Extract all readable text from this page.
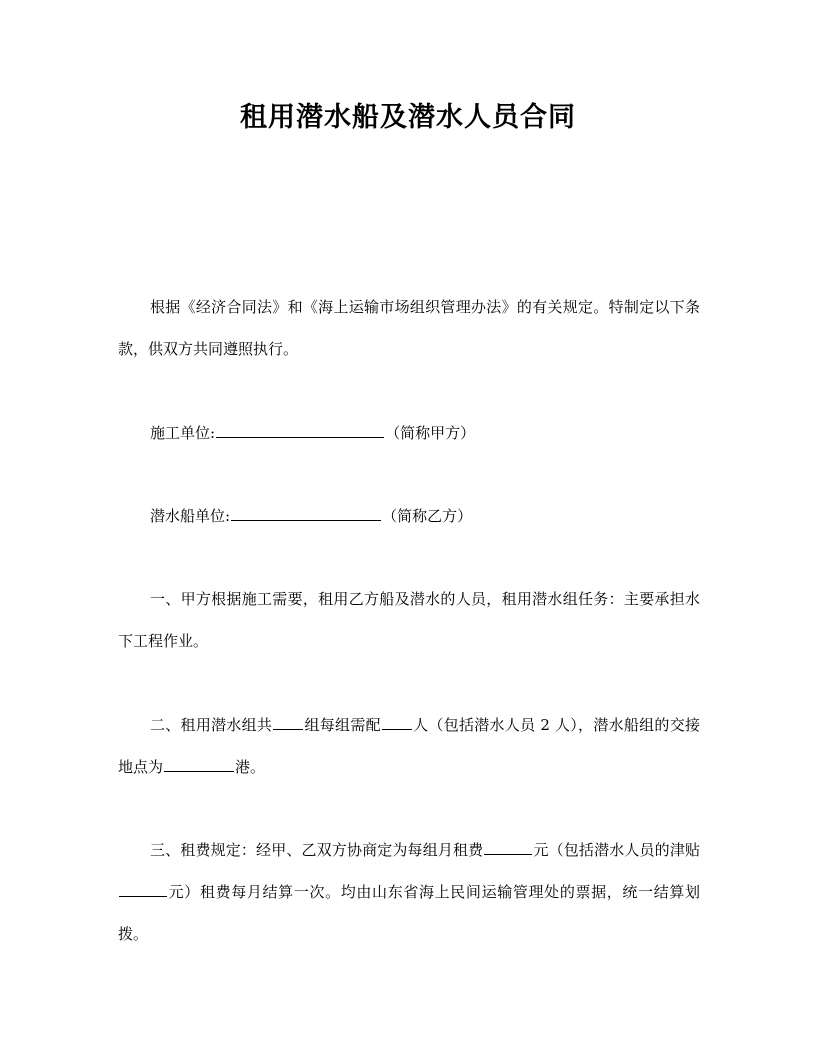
租用潜水船及潜水人员合同

根据《经济合同法》和《海上运输市场组织管理办法》的有关规定。特制定以下条款，供双方共同遵照执行。

施工单位:	（简称甲方）

潜水船单位:	（简称乙方）

一、甲方根据施工需要，租用乙方船及潜水的人员，租用潜水组任务：主要承担水下工程作业。

二、租用潜水组共 组每组需配 人（包括潜水人员 2 人），潜水船组的交接地点为	港。

三、租费规定：经甲、乙双方协商定为每组月租费	元（包括潜水人员的津贴元）租费每月结算一次。均由山东省海上民间运输管理处的票据，统一结算划拨。
